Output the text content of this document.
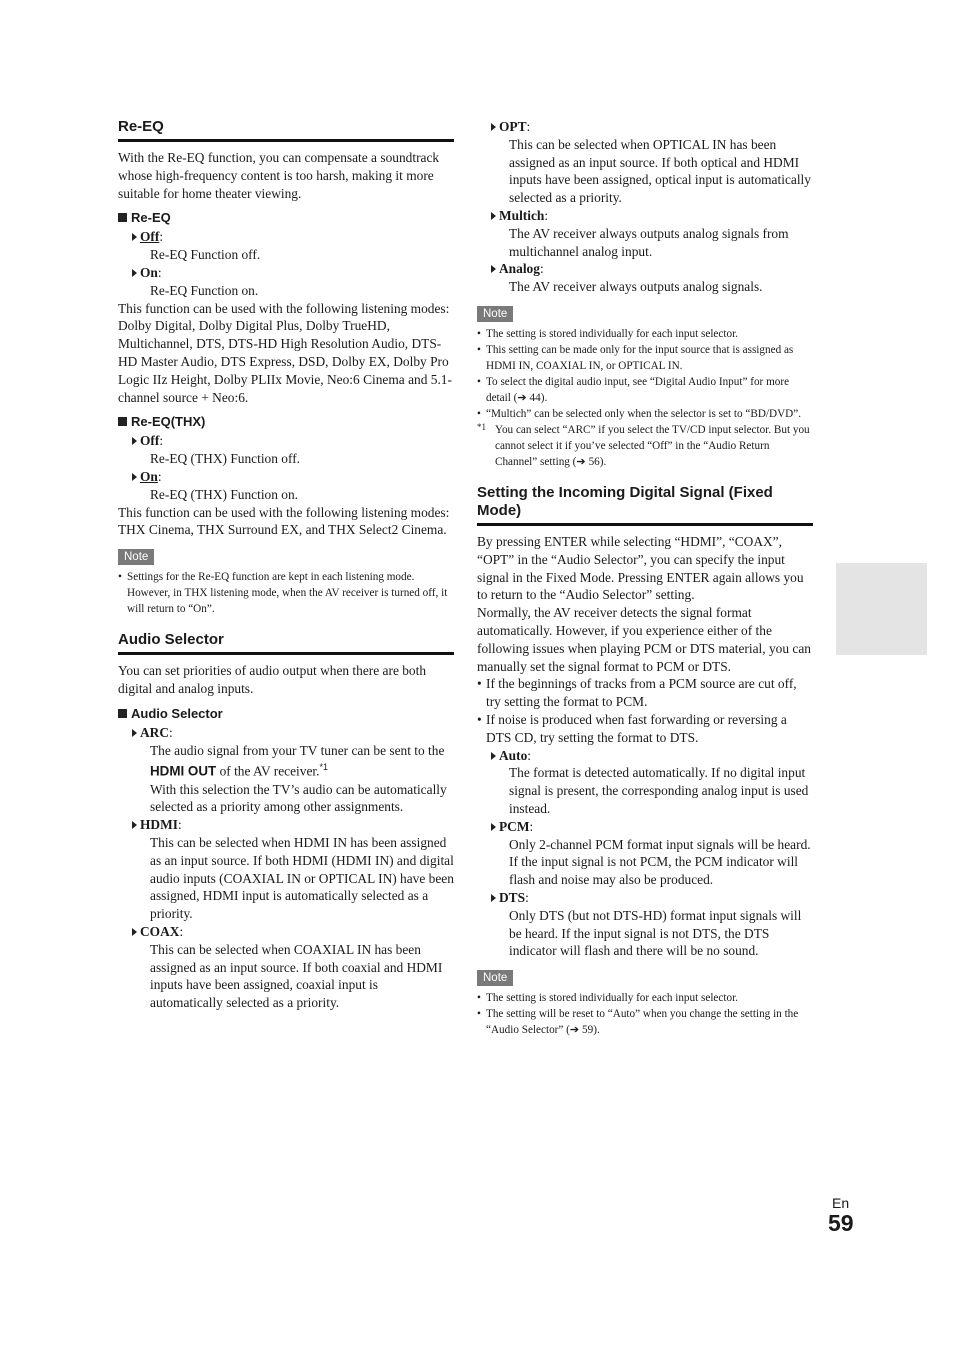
Re-EQ

With the Re-EQ function, you can compensate a soundtrack whose high-frequency content is too harsh, making it more suitable for home theater viewing.

Re-EQ
Off:
Re-EQ Function off.
On:
Re-EQ Function on.

This function can be used with the following listening modes: Dolby Digital, Dolby Digital Plus, Dolby TrueHD, Multichannel, DTS, DTS-HD High Resolution Audio, DTS-HD Master Audio, DTS Express, DSD, Dolby EX, Dolby Pro Logic IIz Height, Dolby PLIIx Movie, Neo:6 Cinema and 5.1-channel source + Neo:6.

Re-EQ(THX)
Off:
Re-EQ (THX) Function off.
On:
Re-EQ (THX) Function on.

This function can be used with the following listening modes: THX Cinema, THX Surround EX, and THX Select2 Cinema.

Note
• Settings for the Re-EQ function are kept in each listening mode. However, in THX listening mode, when the AV receiver is turned off, it will return to “On”.
Audio Selector

You can set priorities of audio output when there are both digital and analog inputs.

Audio Selector
ARC:
The audio signal from your TV tuner can be sent to the HDMI OUT of the AV receiver.$^{*1}$
With this selection the TV’s audio can be automatically selected as a priority among other assignments.
HDMI:
This can be selected when HDMI IN has been assigned as an input source. If both HDMI (HDMI IN) and digital audio inputs (COAXIAL IN or OPTICAL IN) have been assigned, HDMI input is automatically selected as a priority.
COAX:
This can be selected when COAXIAL IN has been assigned as an input source. If both coaxial and HDMI inputs have been assigned, coaxial input is automatically selected as a priority.
OPT:
This can be selected when OPTICAL IN has been assigned as an input source. If both optical and HDMI inputs have been assigned, optical input is automatically selected as a priority.
Multich:
The AV receiver always outputs analog signals from multichannel analog input.
Analog:
The AV receiver always outputs analog signals.
Note
• The setting is stored individually for each input selector.
• This setting can be made only for the input source that is assigned as HDMI IN, COAXIAL IN, or OPTICAL IN.
• To select the digital audio input, see “Digital Audio Input” for more detail (➔ 44).
• “Multich” can be selected only when the selector is set to “BD/DVD”.
*1 You can select “ARC” if you select the TV/CD input selector. But you cannot select it if you’ve selected “Off” in the “Audio Return Channel” setting (➔ 56).
Setting the Incoming Digital Signal (Fixed Mode)

By pressing ENTER while selecting “HDMI”, “COAX”, “OPT” in the “Audio Selector”, you can specify the input signal in the Fixed Mode. Pressing ENTER again allows you to return to the “Audio Selector” setting.

Normally, the AV receiver detects the signal format automatically. However, if you experience either of the following issues when playing PCM or DTS material, you can manually set the signal format to PCM or DTS.

• If the beginnings of tracks from a PCM source are cut off, try setting the format to PCM.
• If noise is produced when fast forwarding or reversing a DTS CD, try setting the format to DTS.
Auto:
The format is detected automatically. If no digital input signal is present, the corresponding analog input is used instead.
PCM:
Only 2-channel PCM format input signals will be heard. If the input signal is not PCM, the PCM indicator will flash and noise may also be produced.
DTS:
Only DTS (but not DTS-HD) format input signals will be heard. If the input signal is not DTS, the DTS indicator will flash and there will be no sound.
Note
• The setting is stored individually for each input selector.
• The setting will be reset to “Auto” when you change the setting in the “Audio Selector” (➔ 59).
En
59
